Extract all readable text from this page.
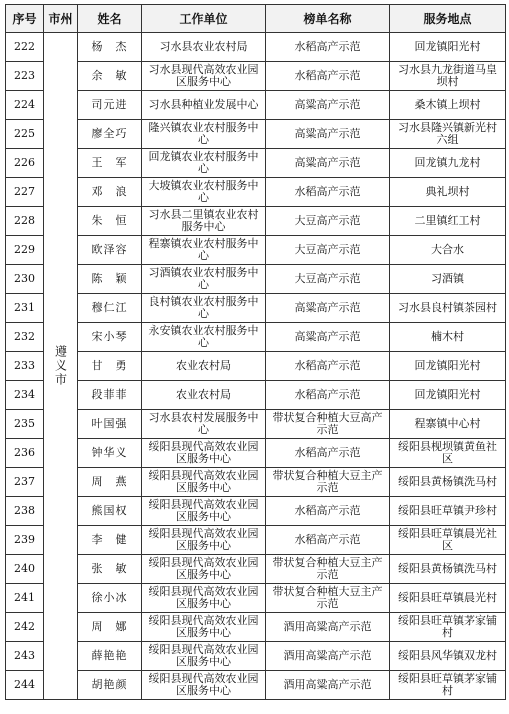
序号	市州	姓名	工作单位	榜单名称	服务地点
222	遵义市	杨　杰	习水县农业农村局	水稻高产示范	回龙镇阳光村
223		余　敏	习水县现代高效农业园区服务中心	水稻高产示范	习水县九龙街道马皇坝村
224		司元进	习水县种植业发展中心	高粱高产示范	桑木镇上坝村
225		廖全巧	隆兴镇农业农村服务中心	高粱高产示范	习水县隆兴镇新光村六组
226		王　军	回龙镇农业农村服务中心	高粱高产示范	回龙镇九龙村
227		邓　浪	大坡镇农业农村服务中心	水稻高产示范	典礼坝村
228		朱　恒	习水县二里镇农业农村服务中心	大豆高产示范	二里镇红工村
229		欧泽容	程寨镇农业农村服务中心	大豆高产示范	大合水
230		陈　颖	习酒镇农业农村服务中心	大豆高产示范	习酒镇
231		穆仁江	良村镇农业农村服务中心	高粱高产示范	习水县良村镇茶园村
232		宋小琴	永安镇农业农村服务中心	高粱高产示范	楠木村
233		甘　勇	农业农村局	水稻高产示范	回龙镇阳光村
234		段菲菲	农业农村局	水稻高产示范	回龙镇阳光村
235		叶国强	习水县农村发展服务中心	带状复合种植大豆高产示范	程寨镇中心村
236		钟华义	绥阳县现代高效农业园区服务中心	水稻高产示范	绥阳县枧坝镇黄鱼社区
237		周　燕	绥阳县现代高效农业园区服务中心	带状复合种植大豆主产示范	绥阳县黄杨镇洗马村
238		熊国权	绥阳县现代高效农业园区服务中心	水稻高产示范	绥阳县旺草镇尹珍村
239		李　健	绥阳县现代高效农业园区服务中心	水稻高产示范	绥阳县旺草镇晨光社区
240		张　敏	绥阳县现代高效农业园区服务中心	带状复合种植大豆主产示范	绥阳县黄杨镇洗马村
241		徐小冰	绥阳县现代高效农业园区服务中心	带状复合种植大豆主产示范	绥阳县旺草镇晨光村
242		周　娜	绥阳县现代高效农业园区服务中心	酒用高粱高产示范	绥阳县旺草镇茅家铺村
243		薛艳艳	绥阳县现代高效农业园区服务中心	酒用高粱高产示范	绥阳县风华镇双龙村
244		胡艳颜	绥阳县现代高效农业园区服务中心	酒用高粱高产示范	绥阳县旺草镇茅家铺村
